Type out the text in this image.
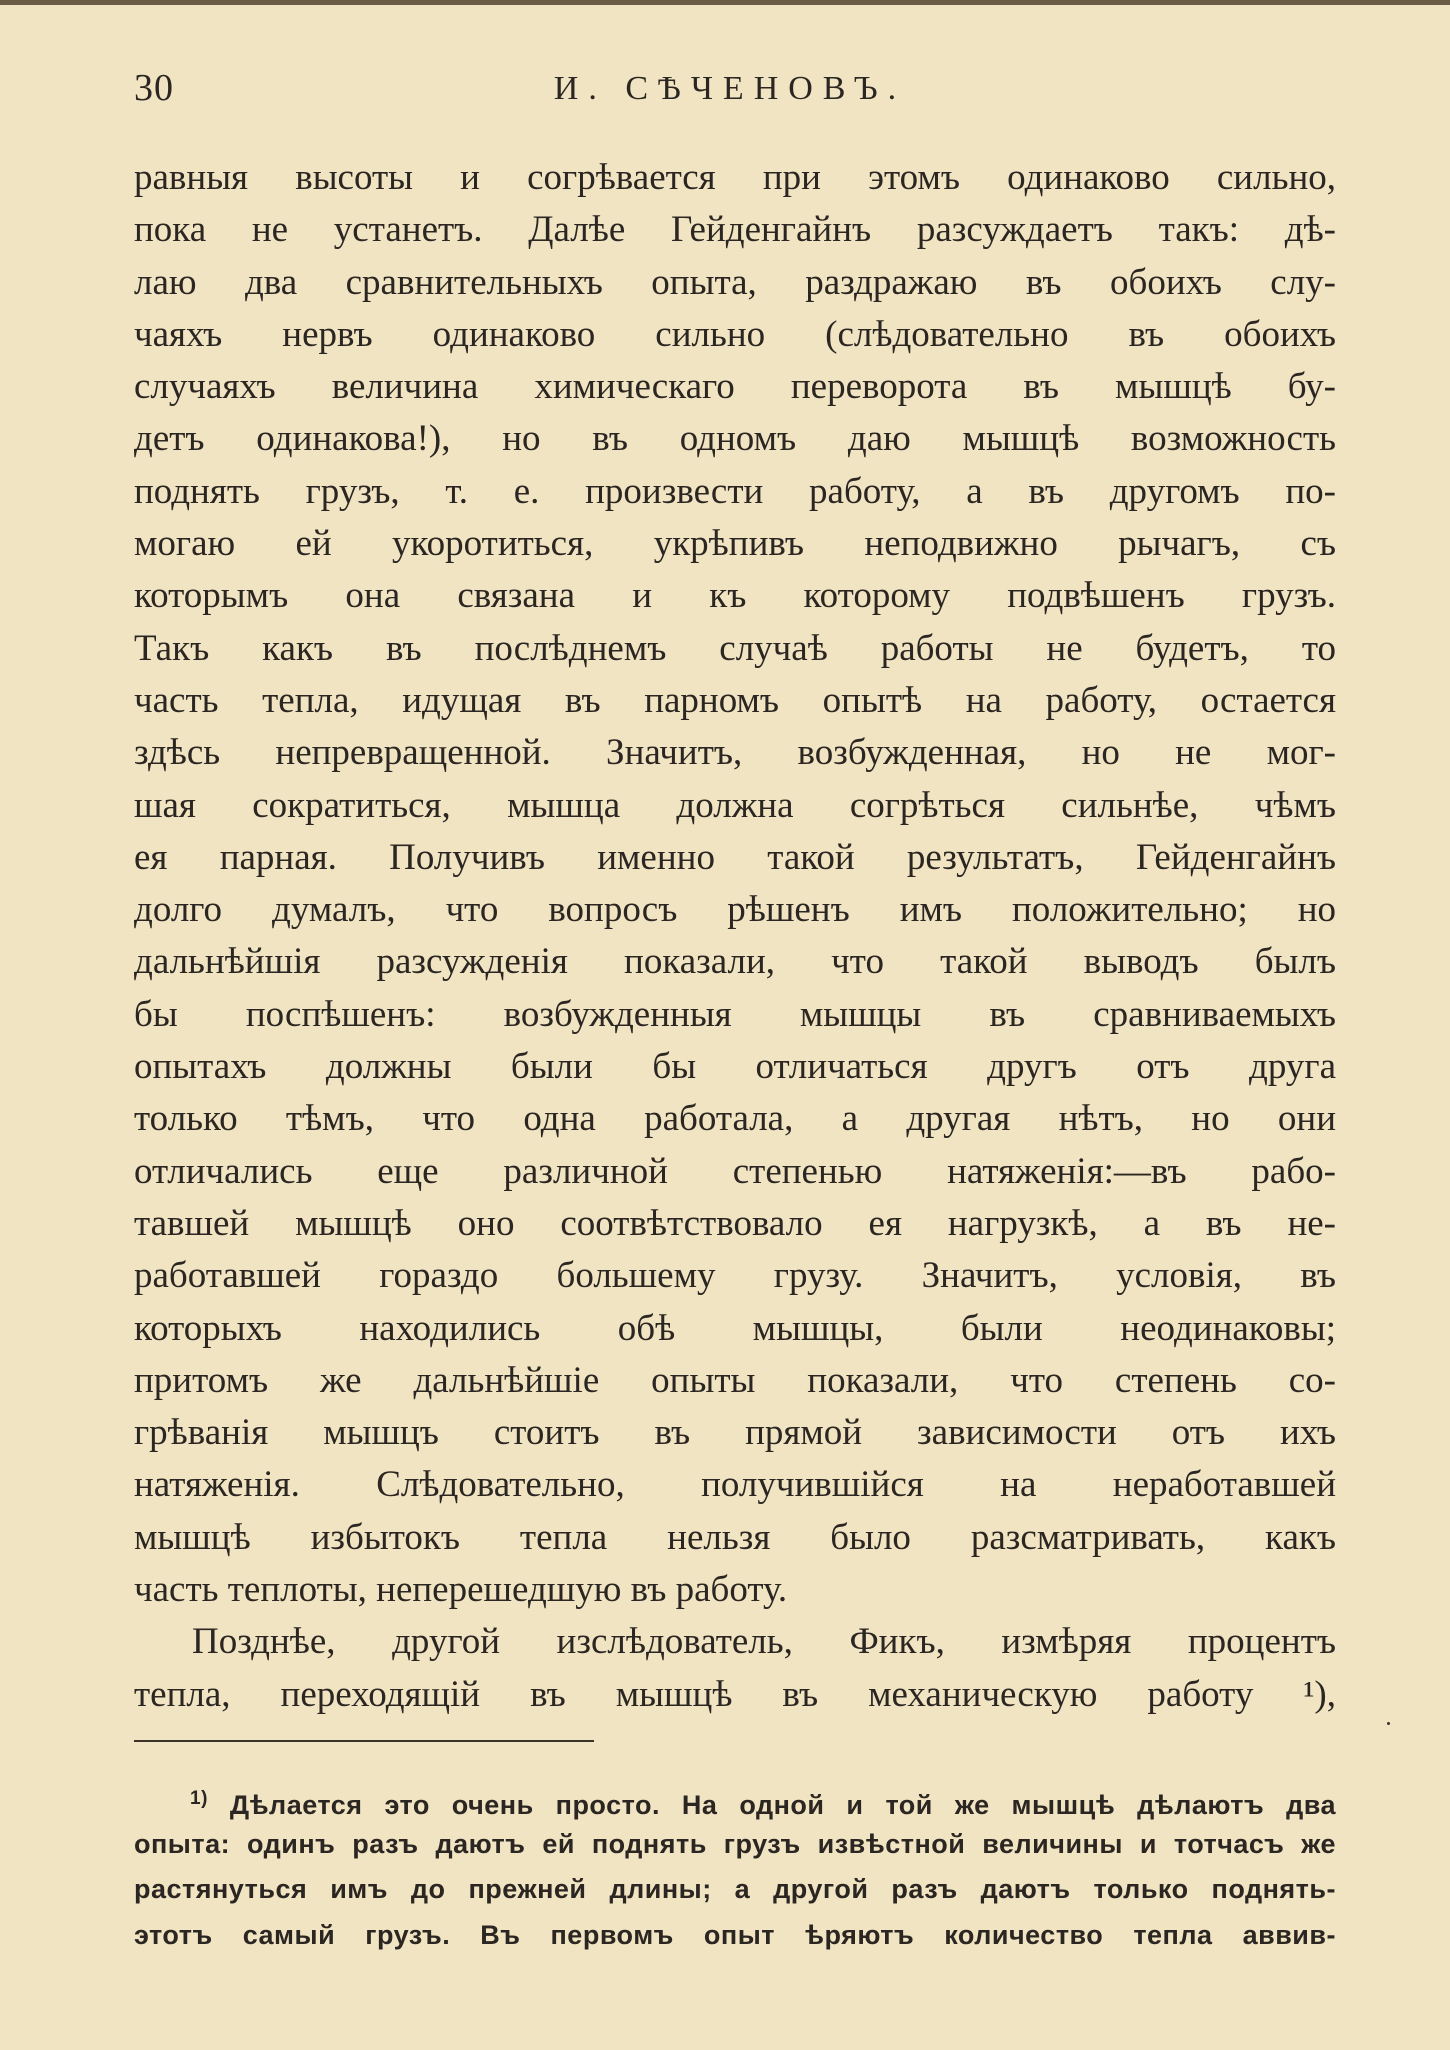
30	И. СѢЧЕНОВЪ.
равныя высоты и согрѣвается при этомъ одинаково сильно,
пока не устанетъ. Далѣе Гейденгайнъ разсуждаетъ такъ: дѣ-
лаю два сравнительныхъ опыта, раздражаю въ обоихъ слу-
чаяхъ нервъ одинаково сильно (слѣдовательно въ обоихъ
случаяхъ величина химическаго переворота въ мышцѣ бу-
детъ одинакова!), но въ одномъ даю мышцѣ возможность
поднять грузъ, т. е. произвести работу, а въ другомъ по-
могаю ей укоротиться, укрѣпивъ неподвижно рычагъ, съ
которымъ она связана и къ которому подвѣшенъ грузъ.
Такъ какъ въ послѣднемъ случаѣ работы не будетъ, то
часть тепла, идущая въ парномъ опытѣ на работу, остается
здѣсь непревращенной. Значитъ, возбужденная, но не мог-
шая сократиться, мышца должна согрѣться сильнѣе, чѣмъ
ея парная. Получивъ именно такой результатъ, Гейденгайнъ
долго думалъ, что вопросъ рѣшенъ имъ положительно; но
дальнѣйшія разсужденія показали, что такой выводъ былъ
бы поспѣшенъ: возбужденныя мышцы въ сравниваемыхъ
опытахъ должны были бы отличаться другъ отъ друга
только тѣмъ, что одна работала, а другая нѣтъ, но они
отличались еще различной степенью натяженія:—въ рабо-
тавшей мышцѣ оно соотвѣтствовало ея нагрузкѣ, а въ не-
работавшей гораздо большему грузу. Значитъ, условія, въ
которыхъ находились обѣ мышцы, были неодинаковы;
притомъ же дальнѣйшіе опыты показали, что степень со-
грѣванія мышцъ стоитъ въ прямой зависимости отъ ихъ
натяженія. Слѣдовательно, получившійся на неработавшей
мышцѣ избытокъ тепла нельзя было разсматривать, какъ
часть теплоты, неперешедшую въ работу.
Позднѣе, другой изслѣдователь, Фикъ, измѣряя процентъ
тепла, переходящій въ мышцѣ въ механическую работу ¹),
$^{1)}$ Дѣлается это очень просто. На одной и той же мышцѣ дѣлаютъ два
опыта: одинъ разъ даютъ ей поднять грузъ извѣстной величины и тотчасъ же
растянуться имъ до прежней длины; а другой разъ даютъ только поднять-
этотъ самый грузъ. Въ первомъ опыт ѣряютъ количество тепла аввив-
